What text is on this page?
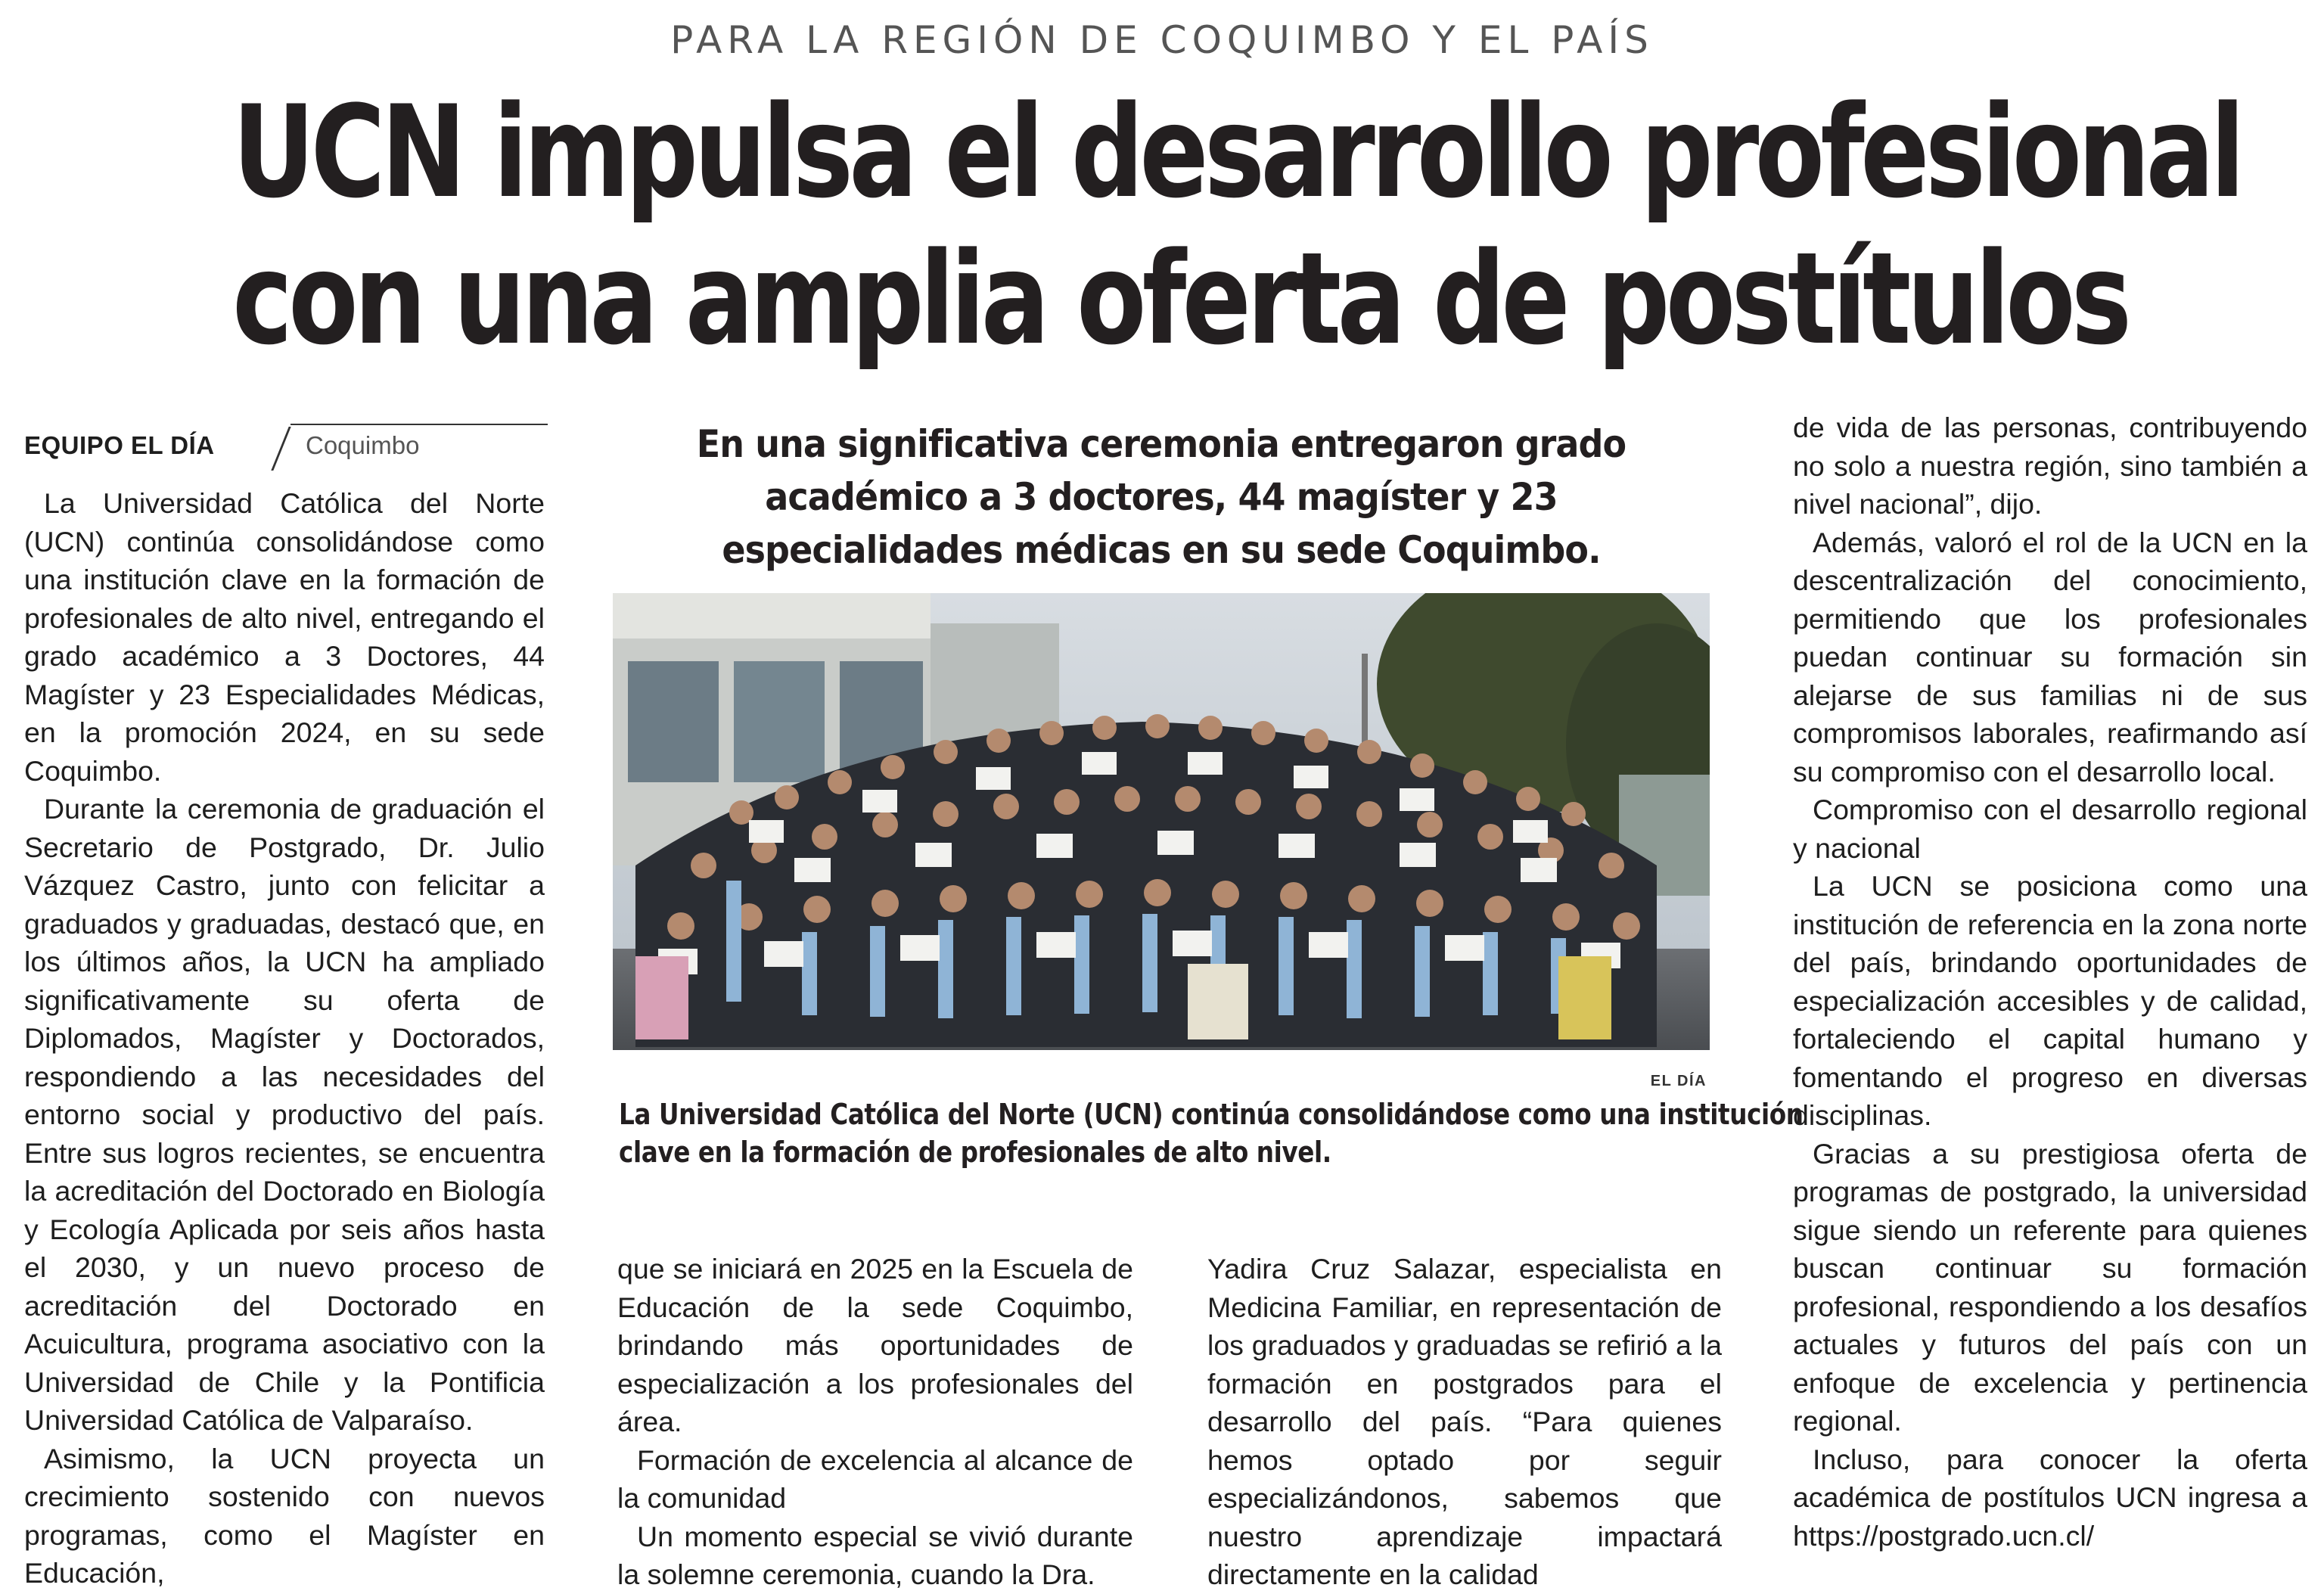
PARA LA REGIÓN DE COQUIMBO Y EL PAÍS
UCN impulsa el desarrollo profesional
con una amplia oferta de postítulos
EQUIPO EL DÍA	Coquimbo

La Universidad Católica del Norte (UCN) continúa consolidándose como una institución clave en la formación de profesionales de alto nivel, entregando el grado académico a 3 Doctores, 44 Magíster y 23 Especialidades Médicas, en la promoción 2024, en su sede Coquimbo.

Durante la ceremonia de graduación el Secretario de Postgrado, Dr. Julio Vázquez Castro, junto con felicitar a graduados y graduadas, destacó que, en los últimos años, la UCN ha ampliado significativamente su oferta de Diplomados, Magíster y Doctorados, respondiendo a las necesidades del entorno social y productivo del país. Entre sus logros recientes, se encuentra la acreditación del Doctorado en Biología y Ecología Aplicada por seis años hasta el 2030, y un nuevo proceso de acreditación del Doctorado en Acuicultura, programa asociativo con la Universidad de Chile y la Pontificia Universidad Católica de Valparaíso.

Asimismo, la UCN proyecta un crecimiento sostenido con nuevos programas, como el Magíster en Educación,

En una significativa ceremonia entregaron grado académico a 3 doctores, 44 magíster y 23 especialidades médicas en su sede Coquimbo.
EL DÍA
La Universidad Católica del Norte (UCN) continúa consolidándose como una institución
clave en la formación de profesionales de alto nivel.

que se iniciará en 2025 en la Escuela de Educación de la sede Coquimbo, brindando más oportunidades de especialización a los profesionales del área.

Formación de excelencia al alcance de la comunidad

Un momento especial se vivió durante la solemne ceremonia, cuando la Dra.

Yadira Cruz Salazar, especialista en Medicina Familiar, en representación de los graduados y graduadas se refirió a la formación en postgrados para el desarrollo del país. “Para quienes hemos optado por seguir especializándonos, sabemos que nuestro aprendizaje impactará directamente en la calidad

de vida de las personas, contribuyendo no solo a nuestra región, sino también a nivel nacional”, dijo.

Además, valoró el rol de la UCN en la descentralización del conocimiento, permitiendo que los profesionales puedan continuar su formación sin alejarse de sus familias ni de sus compromisos laborales, reafirmando así su compromiso con el desarrollo local.

Compromiso con el desarrollo regional y nacional

La UCN se posiciona como una institución de referencia en la zona norte del país, brindando oportunidades de especialización accesibles y de calidad, fortaleciendo el capital humano y fomentando el progreso en diversas disciplinas.

Gracias a su prestigiosa oferta de programas de postgrado, la universidad sigue siendo un referente para quienes buscan continuar su formación profesional, respondiendo a los desafíos actuales y futuros del país con un enfoque de excelencia y pertinencia regional.

Incluso, para conocer la oferta académica de postítulos UCN ingresa a https://postgrado.ucn.cl/
